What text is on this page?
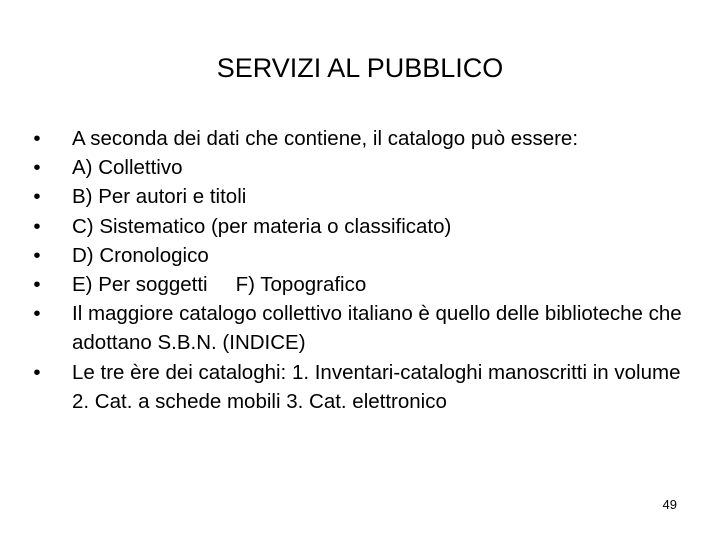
SERVIZI AL PUBBLICO
• A seconda dei dati che contiene, il catalogo può essere:
• A) Collettivo
• B) Per autori e titoli
• C) Sistematico (per materia o classificato)
• D) Cronologico
• E) Per soggetti F) Topografico
• Il maggiore catalogo collettivo italiano è quello delle biblioteche che adottano S.B.N. (INDICE)
• Le tre ère dei cataloghi: 1. Inventari-cataloghi manoscritti in volume 2. Cat. a schede mobili 3. Cat. elettronico
49
